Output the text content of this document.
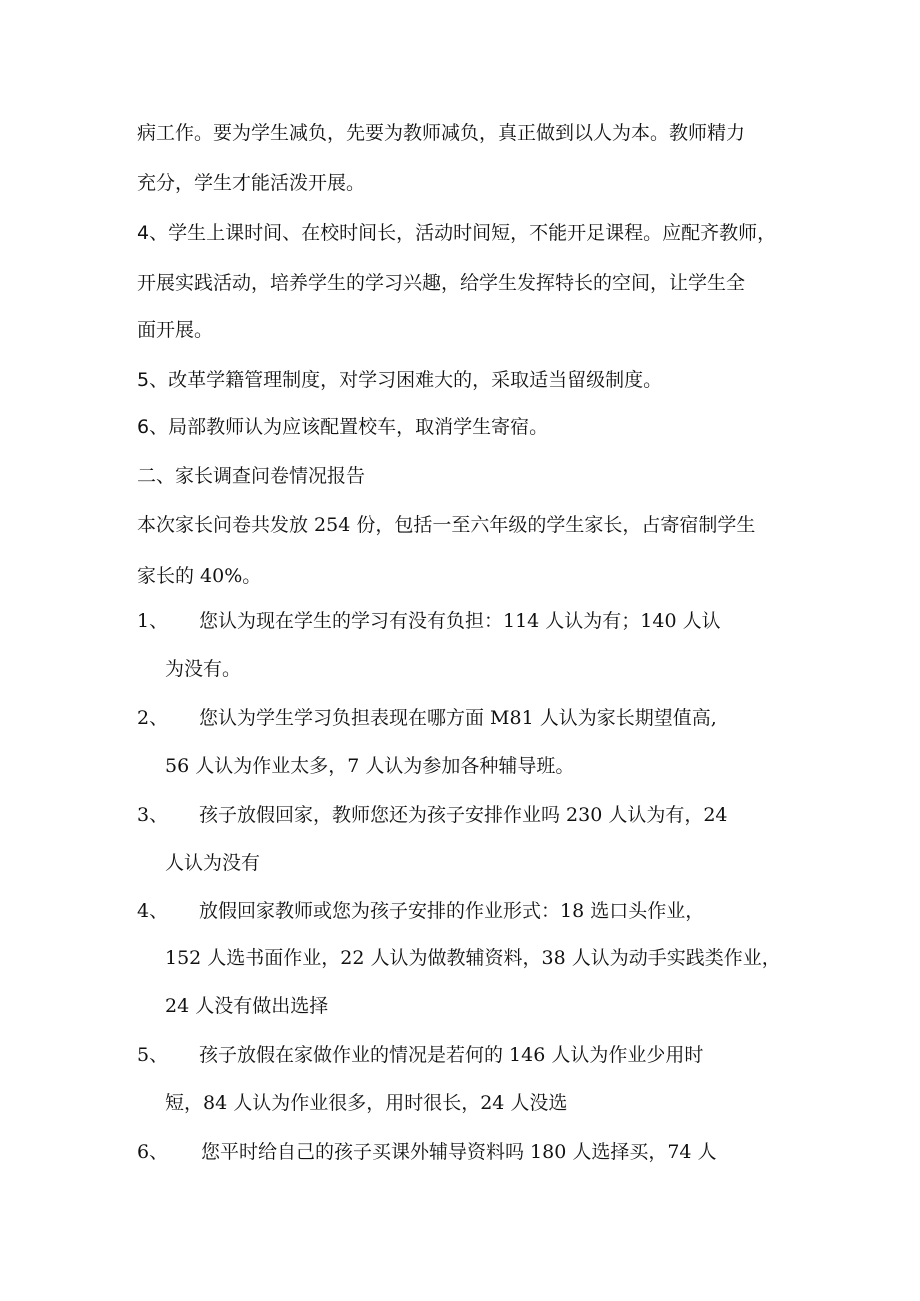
病工作。要为学生减负，先要为教师减负，真正做到以人为本。教师精力
充分，学生才能活泼开展。
4、学生上课时间、在校时间长，活动时间短，不能开足课程。应配齐教师，
开展实践活动，培养学生的学习兴趣，给学生发挥特长的空间，让学生全
面开展。
5、改革学籍管理制度，对学习困难大的，采取适当留级制度。
6、局部教师认为应该配置校车，取消学生寄宿。
二、家长调查问卷情况报告
本次家长问卷共发放 254 份，包括一至六年级的学生家长，占寄宿制学生
家长的 40%。
1、 您认为现在学生的学习有没有负担：114 人认为有；140 人认
为没有。
2、 您认为学生学习负担表现在哪方面 M81 人认为家长期望值高,
56 人认为作业太多，7 人认为参加各种辅导班。
3、 孩子放假回家，教师您还为孩子安排作业吗 230 人认为有，24
人认为没有
4、 放假回家教师或您为孩子安排的作业形式：18 选口头作业，
152 人选书面作业，22 人认为做教辅资料，38 人认为动手实践类作业，
24 人没有做出选择
5、 孩子放假在家做作业的情况是若何的 146 人认为作业少用时
短，84 人认为作业很多，用时很长，24 人没选
6、 您平时给自己的孩子买课外辅导资料吗 180 人选择买，74 人
